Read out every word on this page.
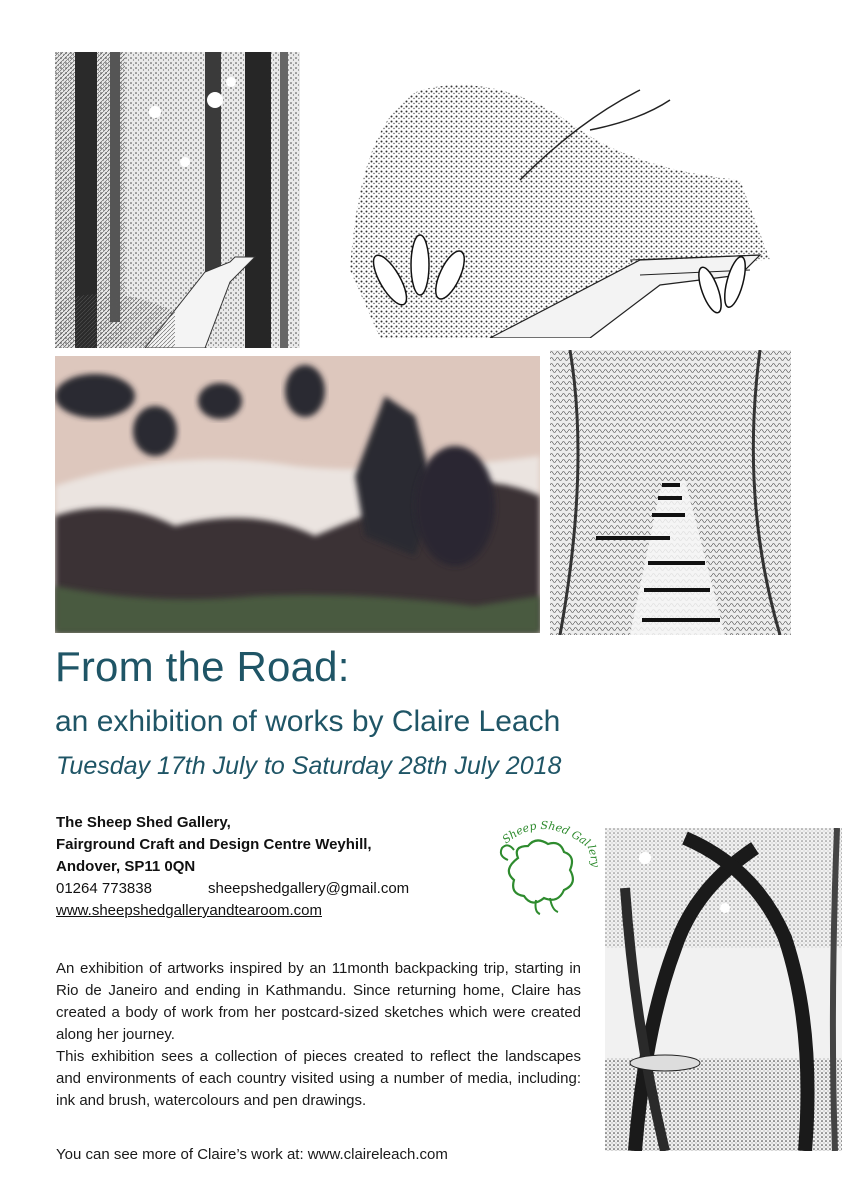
From the Road:
an exhibition of works by Claire Leach

Tuesday 17th July to Saturday 28th July 2018

The Sheep Shed Gallery,
Fairground Craft and Design Centre Weyhill,
Andover, SP11 0QN
01264 773838	sheepshedgallery@gmail.com
www.sheepshedgalleryandtearoom.com
Sheep Shed Gall

An exhibition of artworks inspired by an 11month backpacking trip, starting in Rio de Janeiro and ending in Kathmandu. Since returning home, Claire has created a body of work from her postcard-sized sketches which were created along her journey.

This exhibition sees a collection of pieces created to reflect the landscapes and environments of each country visited using a number of media, including: ink and brush, watercolours and pen drawings.

You can see more of Claire’s work at: www.claireleach.com
